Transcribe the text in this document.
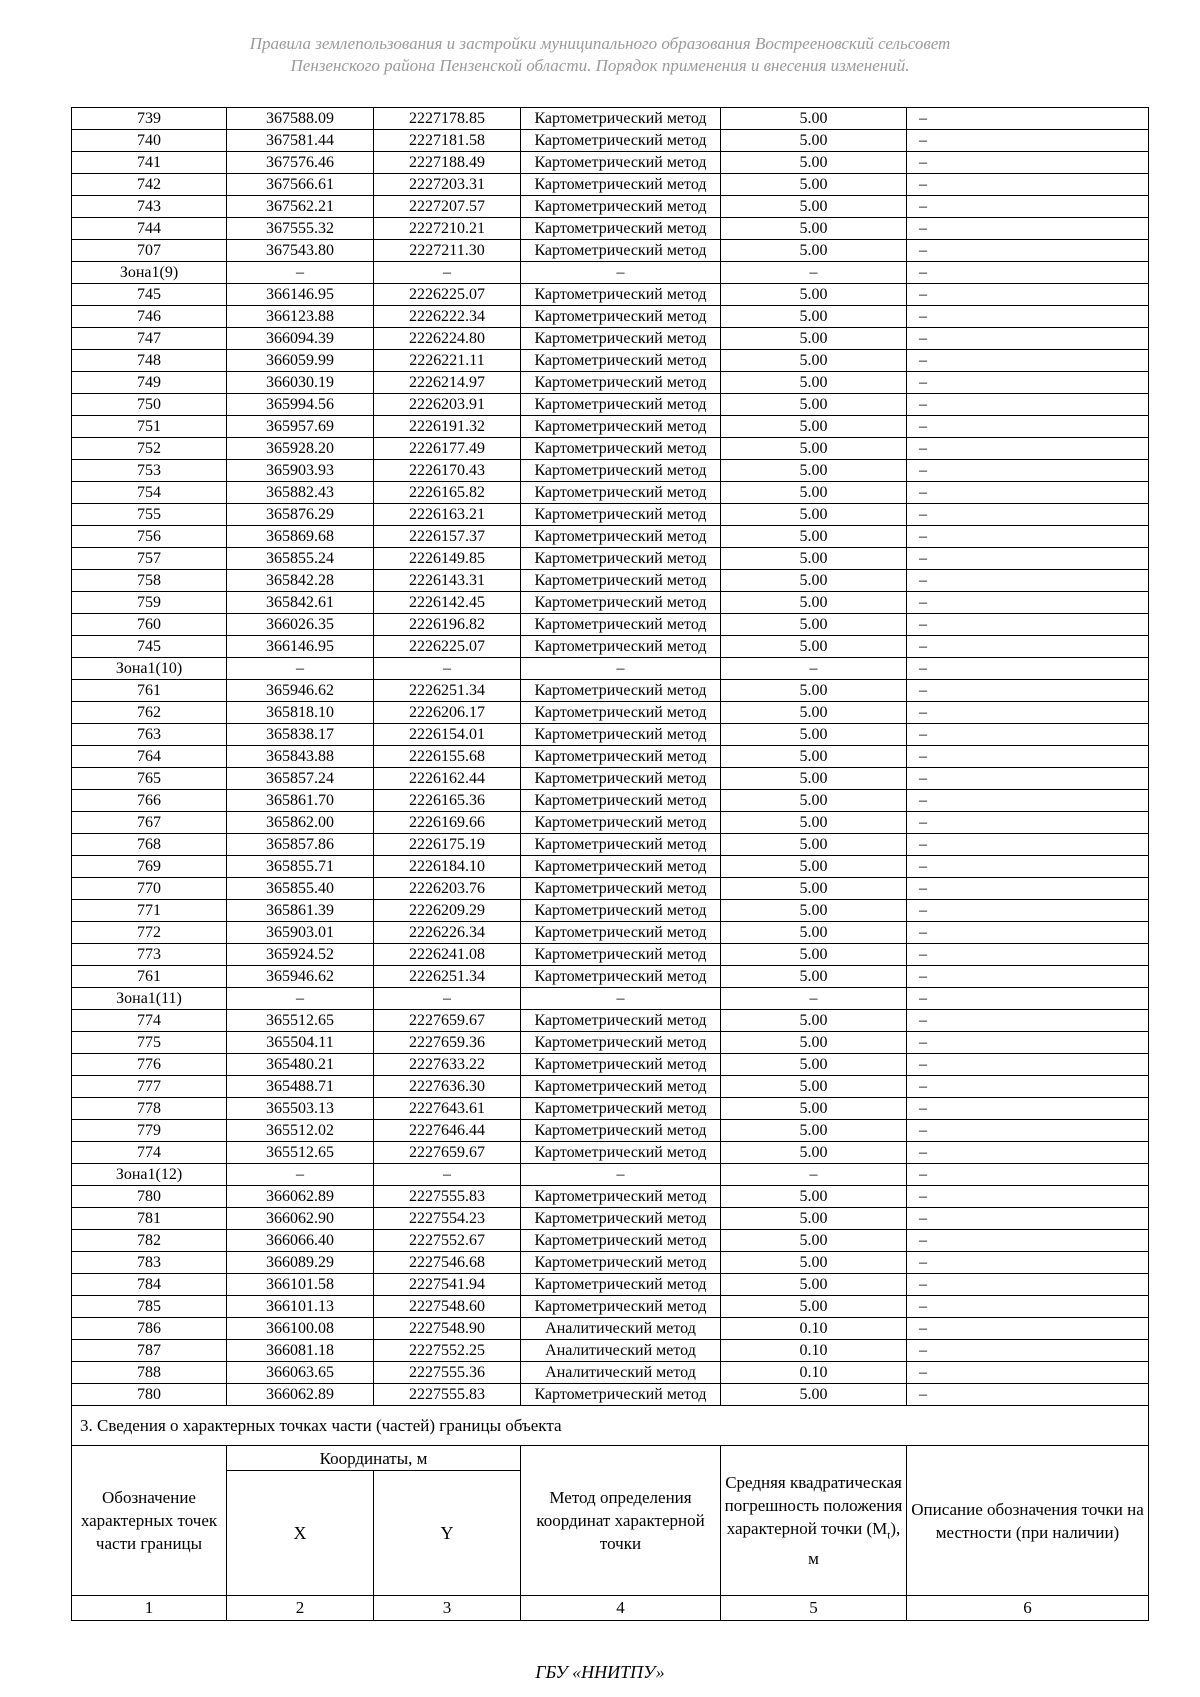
Правила землепользования и застройки муниципального образования Вострееновский сельсовет
Пензенского района Пензенской области. Порядок применения и внесения изменений.
739	367588.09	2227178.85	Картометрический метод	5.00	–
740	367581.44	2227181.58	Картометрический метод	5.00	–
741	367576.46	2227188.49	Картометрический метод	5.00	–
742	367566.61	2227203.31	Картометрический метод	5.00	–
743	367562.21	2227207.57	Картометрический метод	5.00	–
744	367555.32	2227210.21	Картометрический метод	5.00	–
707	367543.80	2227211.30	Картометрический метод	5.00	–
Зона1(9)	–	–	–	–	–
745	366146.95	2226225.07	Картометрический метод	5.00	–
746	366123.88	2226222.34	Картометрический метод	5.00	–
747	366094.39	2226224.80	Картометрический метод	5.00	–
748	366059.99	2226221.11	Картометрический метод	5.00	–
749	366030.19	2226214.97	Картометрический метод	5.00	–
750	365994.56	2226203.91	Картометрический метод	5.00	–
751	365957.69	2226191.32	Картометрический метод	5.00	–
752	365928.20	2226177.49	Картометрический метод	5.00	–
753	365903.93	2226170.43	Картометрический метод	5.00	–
754	365882.43	2226165.82	Картометрический метод	5.00	–
755	365876.29	2226163.21	Картометрический метод	5.00	–
756	365869.68	2226157.37	Картометрический метод	5.00	–
757	365855.24	2226149.85	Картометрический метод	5.00	–
758	365842.28	2226143.31	Картометрический метод	5.00	–
759	365842.61	2226142.45	Картометрический метод	5.00	–
760	366026.35	2226196.82	Картометрический метод	5.00	–
745	366146.95	2226225.07	Картометрический метод	5.00	–
Зона1(10)	–	–	–	–	–
761	365946.62	2226251.34	Картометрический метод	5.00	–
762	365818.10	2226206.17	Картометрический метод	5.00	–
763	365838.17	2226154.01	Картометрический метод	5.00	–
764	365843.88	2226155.68	Картометрический метод	5.00	–
765	365857.24	2226162.44	Картометрический метод	5.00	–
766	365861.70	2226165.36	Картометрический метод	5.00	–
767	365862.00	2226169.66	Картометрический метод	5.00	–
768	365857.86	2226175.19	Картометрический метод	5.00	–
769	365855.71	2226184.10	Картометрический метод	5.00	–
770	365855.40	2226203.76	Картометрический метод	5.00	–
771	365861.39	2226209.29	Картометрический метод	5.00	–
772	365903.01	2226226.34	Картометрический метод	5.00	–
773	365924.52	2226241.08	Картометрический метод	5.00	–
761	365946.62	2226251.34	Картометрический метод	5.00	–
Зона1(11)	–	–	–	–	–
774	365512.65	2227659.67	Картометрический метод	5.00	–
775	365504.11	2227659.36	Картометрический метод	5.00	–
776	365480.21	2227633.22	Картометрический метод	5.00	–
777	365488.71	2227636.30	Картометрический метод	5.00	–
778	365503.13	2227643.61	Картометрический метод	5.00	–
779	365512.02	2227646.44	Картометрический метод	5.00	–
774	365512.65	2227659.67	Картометрический метод	5.00	–
Зона1(12)	–	–	–	–	–
780	366062.89	2227555.83	Картометрический метод	5.00	–
781	366062.90	2227554.23	Картометрический метод	5.00	–
782	366066.40	2227552.67	Картометрический метод	5.00	–
783	366089.29	2227546.68	Картометрический метод	5.00	–
784	366101.58	2227541.94	Картометрический метод	5.00	–
785	366101.13	2227548.60	Картометрический метод	5.00	–
786	366100.08	2227548.90	Аналитический метод	0.10	–
787	366081.18	2227552.25	Аналитический метод	0.10	–
788	366063.65	2227555.36	Аналитический метод	0.10	–
780	366062.89	2227555.83	Картометрический метод	5.00	–
3. Сведения о характерных точках части (частей) границы объекта					
Обозначение характерных точек части границы	Координаты, м		Метод определения координат характерной точки	Средняя квадратическая погрешность положения характерной точки $(M_t)$, м	Описание обозначения точки на местности (при наличии)
	X	Y			
1	2	3	4	5	6
ГБУ «ННИТПУ»
